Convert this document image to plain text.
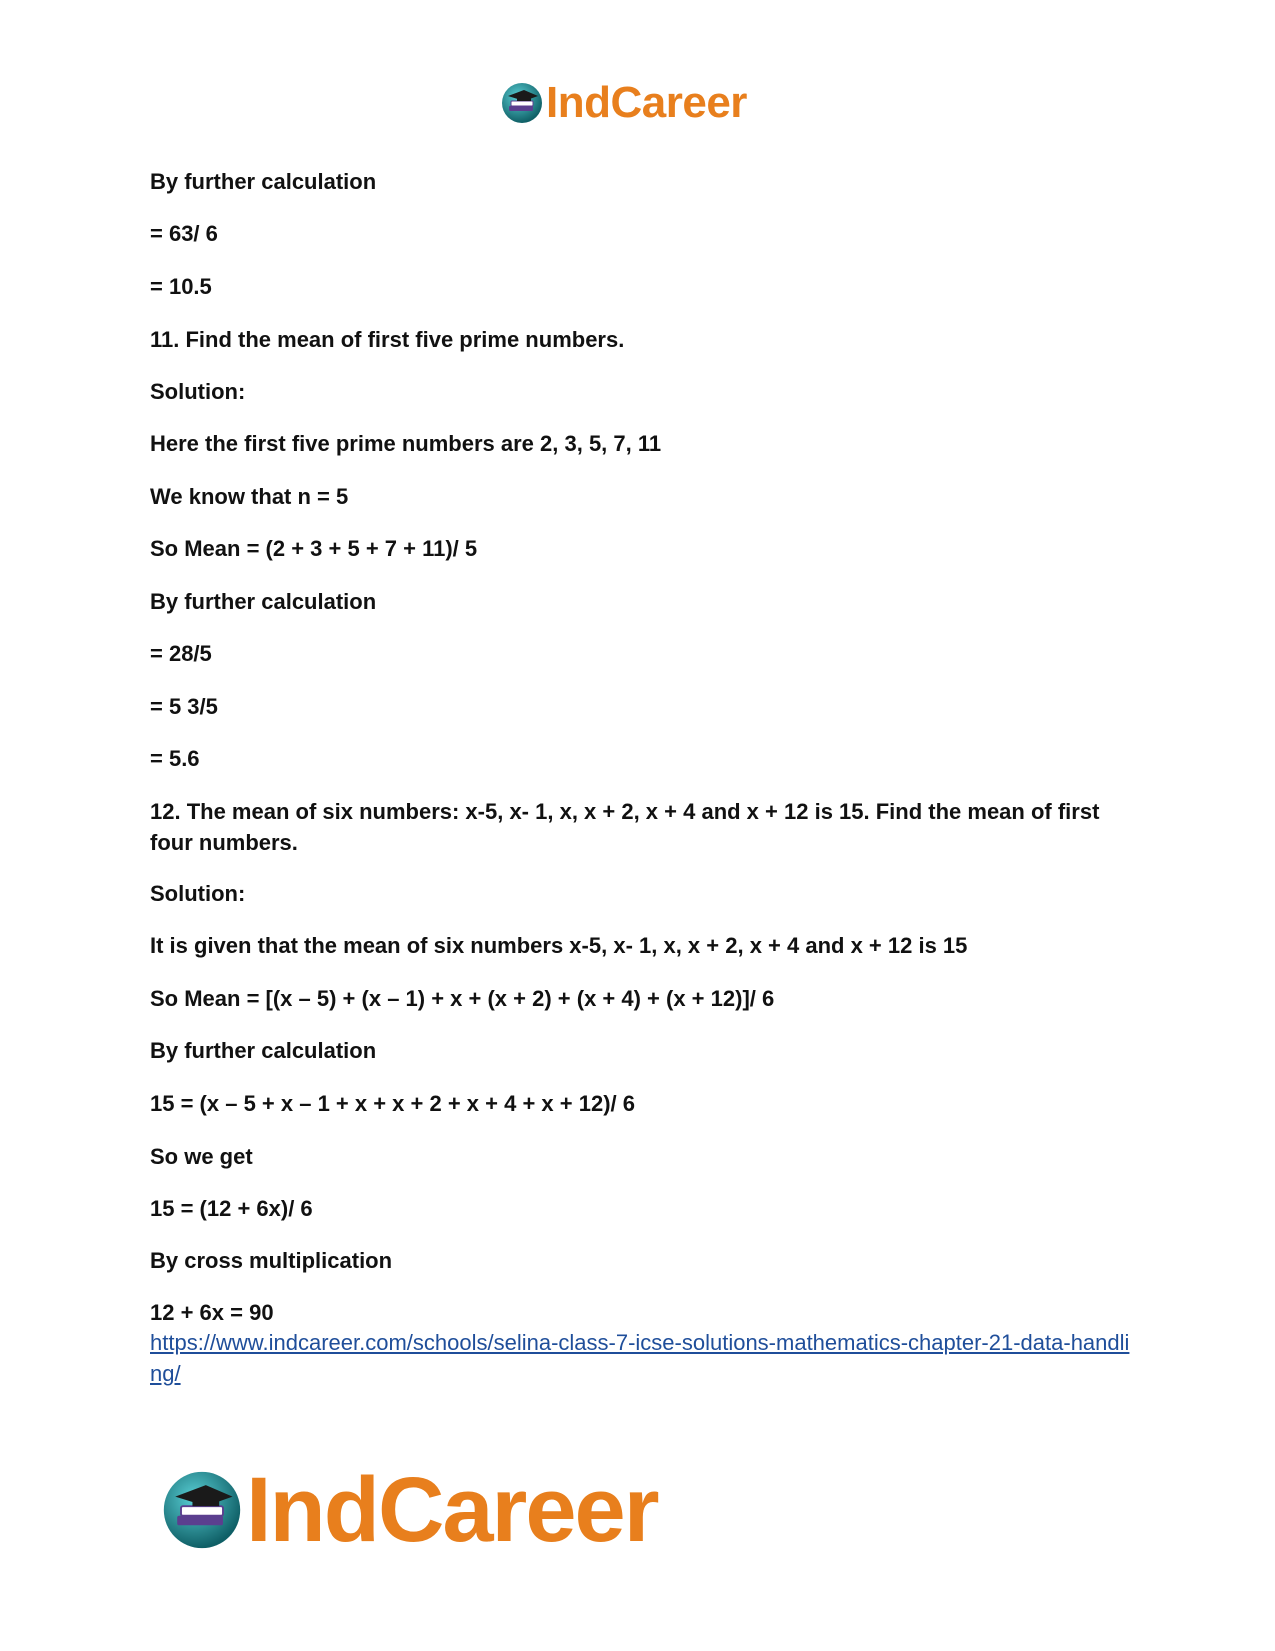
IndCareer
By further calculation
= 63/ 6
= 10.5
11. Find the mean of first five prime numbers.
Solution:
Here the first five prime numbers are 2, 3, 5, 7, 11
We know that n = 5
So Mean = (2 + 3 + 5 + 7 + 11)/ 5
By further calculation
= 28/5
= 5 3/5
= 5.6
12. The mean of six numbers: x-5, x- 1, x, x + 2, x + 4 and x + 12 is 15. Find the mean of first four numbers.
Solution:
It is given that the mean of six numbers x-5, x- 1, x, x + 2, x + 4 and x + 12 is 15
So Mean = [(x – 5) + (x – 1) + x + (x + 2) + (x + 4) + (x + 12)]/ 6
By further calculation
15 = (x – 5 + x – 1 + x + x + 2 + x + 4 + x + 12)/ 6
So we get
15 = (12 + 6x)/ 6
By cross multiplication
12 + 6x = 90
https://www.indcareer.com/schools/selina-class-7-icse-solutions-mathematics-chapter-21-data-handling/
IndCareer
